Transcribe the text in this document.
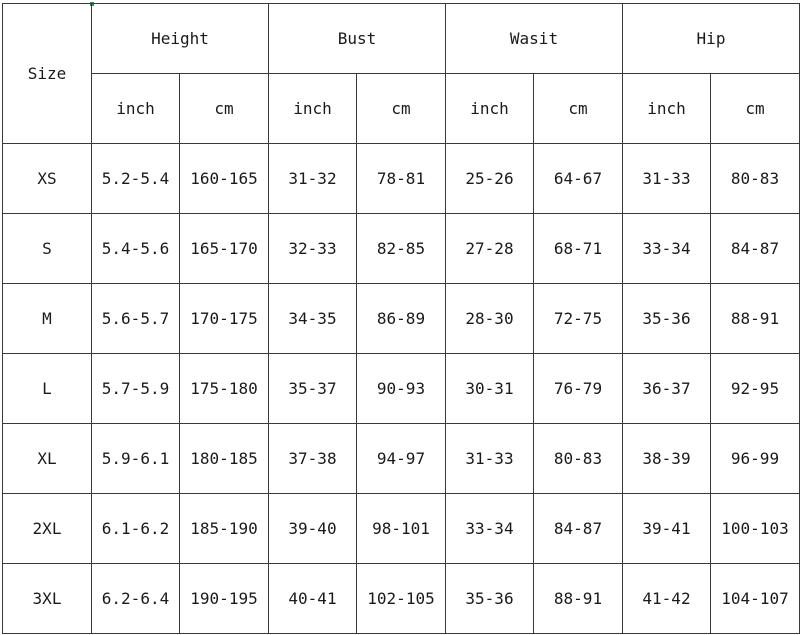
Size	Height		Bust		Wasit		Hip	
	inch	cm	inch	cm	inch	cm	inch	cm
XS	5.2-5.4	160-165	31-32	78-81	25-26	64-67	31-33	80-83
S	5.4-5.6	165-170	32-33	82-85	27-28	68-71	33-34	84-87
M	5.6-5.7	170-175	34-35	86-89	28-30	72-75	35-36	88-91
L	5.7-5.9	175-180	35-37	90-93	30-31	76-79	36-37	92-95
XL	5.9-6.1	180-185	37-38	94-97	31-33	80-83	38-39	96-99
2XL	6.1-6.2	185-190	39-40	98-101	33-34	84-87	39-41	100-103
3XL	6.2-6.4	190-195	40-41	102-105	35-36	88-91	41-42	104-107
